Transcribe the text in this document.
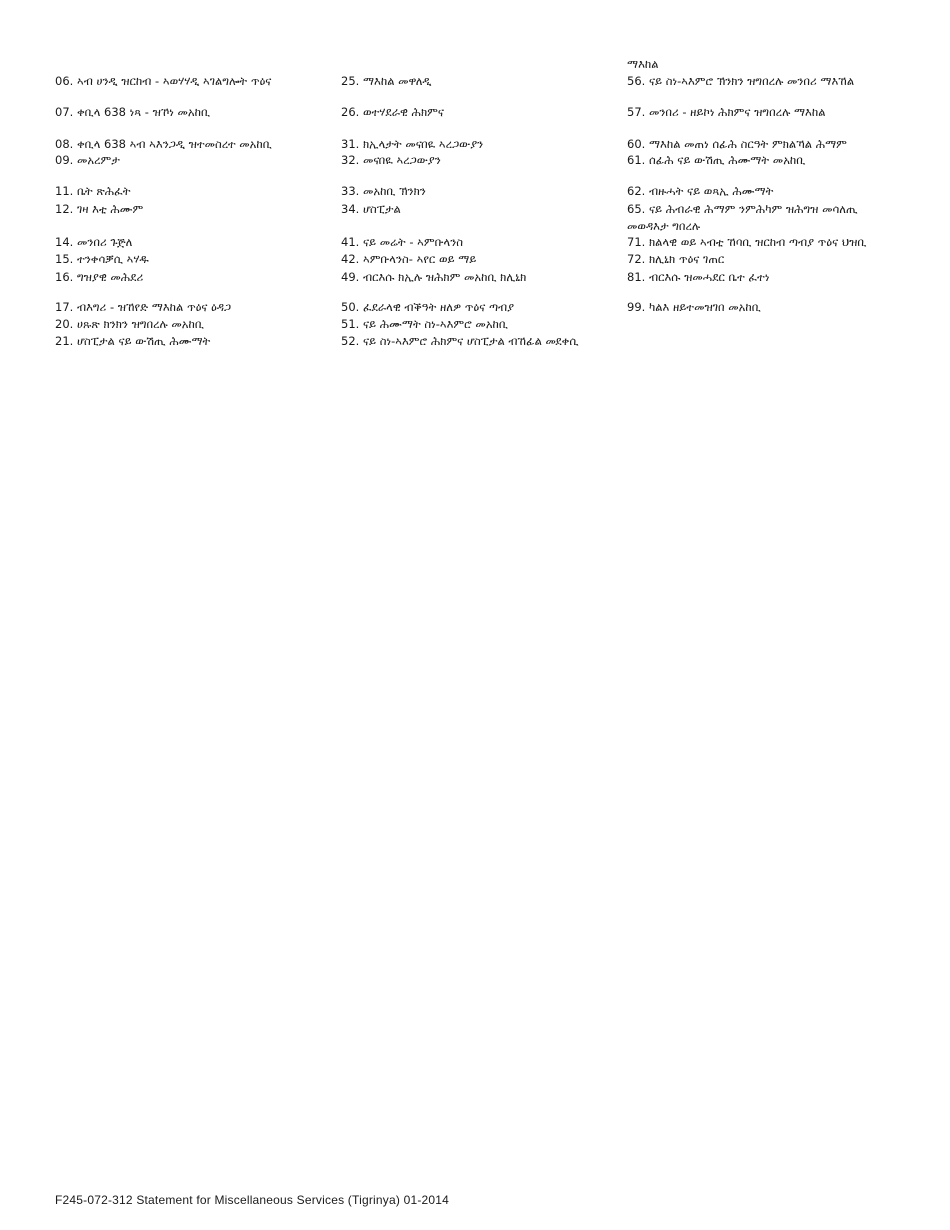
06. ኣብ ሀንዲ ዝርከብ - ኣወሃሃዲ ኣገልግሎት ጥዕና
07. ቀቢላ 638 ነጻ - ዝኾነ መአከቢ
08. ቀቢላ 638 ኣብ ኣእንጋዲ ዝተመስረተ መአከቢ
09. መአረምታ
11. ቤት ጽሕፈት
12. ገዛ እቲ ሕሙም
14. መንበሪ ጉጅለ
15. ተንቀሳቓሲ ኣሃዱ
16. ግዝያዊ መሕደሪ
17. ብእግሪ - ዝኸየድ ማእከል ጥዕና ዕዳጋ
20. ሀጹጽ ክንክን ዝግበረሉ መአከቢ
21. ሆስፒታል ናይ ውሽጢ ሕሙማት
25. ማእከል መዋለዲ
26. ወተሃደራዊ ሕክምና
31. ክኢላታት መናበዪ ኣረጋውያን
32. መናበዪ ኣረጋውያን
33. መአከቢ ኽንክን
34. ሆስፒታል
41. ናይ መሬት - ኣምቡላንስ
42. ኣምቡላንስ- ኣየር ወይ ማይ
49. ብርእሱ ክኢሉ ዝሕክም መአከቢ ክሊኒክ
50. ፈደራላዊ ብቕዓት ዘለዎ ጥዕና ጣብያ
51. ናይ ሕሙማት ስነ-ኣእምሮ መአከቢ
52. ናይ ስነ-ኣእምሮ ሕክምና ሆስፒታል ብኸፊል መደቀሲ
ማእከል
56. ናይ ስነ-ኣእምሮ ኽንክን ዝግበረሉ መንበሪ ማእኸል
57. መንበሪ - ዘይኮነ ሕክምና ዝግበረሉ ማእከል
60. ማእከል መጠነ ሰፊሕ ስርዓት ምክልኻል ሕማም
61. ሰፊሕ ናይ ውሽጢ ሕሙማት መአከቢ
62. ብዙሓት ናይ ወጻኢ ሕሙማት
65. ናይ ሕብራዊ ሕማም ንምሕካም ዝሕግዝ መሳለጢ መወዳእታ ግበረሉ
71. ክልላዊ ወይ ኣብቲ ኸባቢ ዝርከብ ጣብያ ጥዕና ህዝቢ
72. ክሊኒክ ጥዕና ገጠር
81. ብርእሱ ዝመሓደር ቤተ ፈተነ
99. ካልእ ዘይተመዝገበ መአከቢ
F245-072-312 Statement for Miscellaneous Services (Tigrinya) 01-2014
